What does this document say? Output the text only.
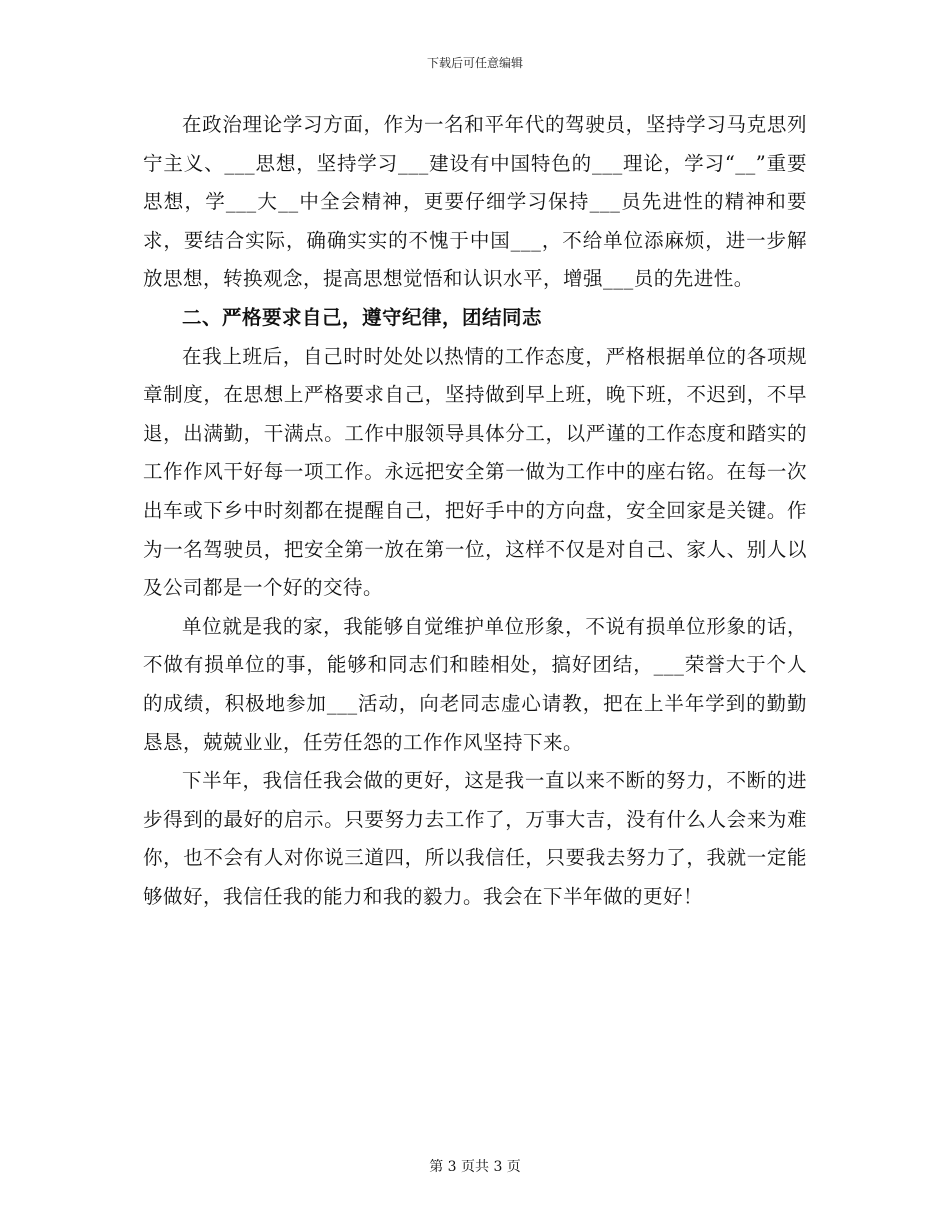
下载后可任意编辑

在政治理论学习方面，作为一名和平年代的驾驶员，坚持学习马克思列宁主义、___思想，坚持学习___建设有中国特色的___理论，学习“__”重要思想，学___大__中全会精神，更要仔细学习保持___员先进性的精神和要求，要结合实际，确确实实的不愧于中国___，不给单位添麻烦，进一步解放思想，转换观念，提高思想觉悟和认识水平，增强___员的先进性。

二、严格要求自己，遵守纪律，团结同志

在我上班后，自己时时处处以热情的工作态度，严格根据单位的各项规章制度，在思想上严格要求自己，坚持做到早上班，晚下班，不迟到，不早退，出满勤，干满点。工作中服领导具体分工，以严谨的工作态度和踏实的工作作风干好每一项工作。永远把安全第一做为工作中的座右铭。在每一次出车或下乡中时刻都在提醒自己，把好手中的方向盘，安全回家是关键。作为一名驾驶员，把安全第一放在第一位，这样不仅是对自己、家人、别人以及公司都是一个好的交待。

单位就是我的家，我能够自觉维护单位形象，不说有损单位形象的话，不做有损单位的事，能够和同志们和睦相处，搞好团结，___荣誉大于个人的成绩，积极地参加___活动，向老同志虚心请教，把在上半年学到的勤勤恳恳，兢兢业业，任劳任怨的工作作风坚持下来。

下半年，我信任我会做的更好，这是我一直以来不断的努力，不断的进步得到的最好的启示。只要努力去工作了，万事大吉，没有什么人会来为难你，也不会有人对你说三道四，所以我信任，只要我去努力了，我就一定能够做好，我信任我的能力和我的毅力。我会在下半年做的更好！

第 3 页共 3 页
